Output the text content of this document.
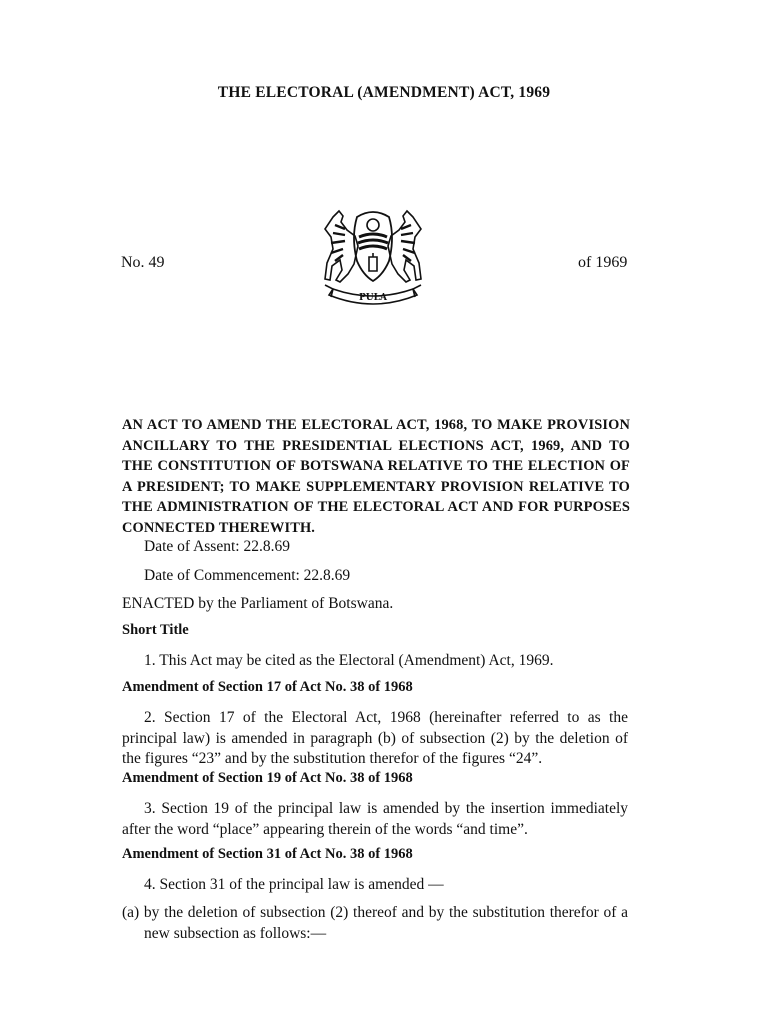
THE ELECTORAL (AMENDMENT) ACT, 1969
No. 49	of 1969
PULA

AN ACT TO AMEND THE ELECTORAL ACT, 1968, TO MAKE PROVISION ANCILLARY TO THE PRESIDENTIAL ELECTIONS ACT, 1969, AND TO THE CONSTITUTION OF BOTSWANA RELATIVE TO THE ELECTION OF A PRESIDENT; TO MAKE SUPPLEMENTARY PROVISION RELATIVE TO THE ADMINISTRATION OF THE ELECTORAL ACT AND FOR PURPOSES CONNECTED THEREWITH.

Date of Assent: 22.8.69
Date of Commencement: 22.8.69
ENACTED by the Parliament of Botswana.
Short Title

1. This Act may be cited as the Electoral (Amendment) Act, 1969.

Amendment of Section 17 of Act No. 38 of 1968

2. Section 17 of the Electoral Act, 1968 (hereinafter referred to as the principal law) is amended in paragraph (b) of subsection (2) by the deletion of the figures “23” and by the substitution therefor of the figures “24”.

Amendment of Section 19 of Act No. 38 of 1968

3. Section 19 of the principal law is amended by the insertion immediately after the word “place” appearing therein of the words “and time”.

Amendment of Section 31 of Act No. 38 of 1968

4. Section 31 of the principal law is amended —

(a) by the deletion of subsection (2) thereof and by the substitution therefor of a new subsection as follows:—
